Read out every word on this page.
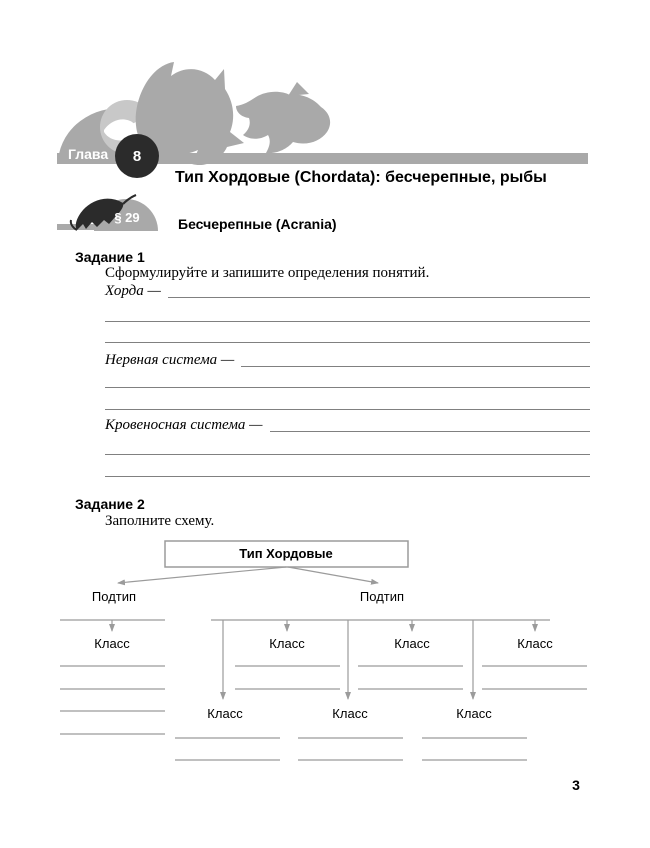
Глава	8
Тип Хордовые (Chordata): бесчерепные, рыбы
§ 29	Бесчерепные (Acrania)
Задание 1
Сформулируйте и запишите определения понятий.
Хорда —
Нервная система —
Кровеносная система —
Задание 2
Заполните схему.
Тип Хордовые
Подтип	Подтип
Класс	Класс	Класс	Класс
Класс	Класс	Класс
3
